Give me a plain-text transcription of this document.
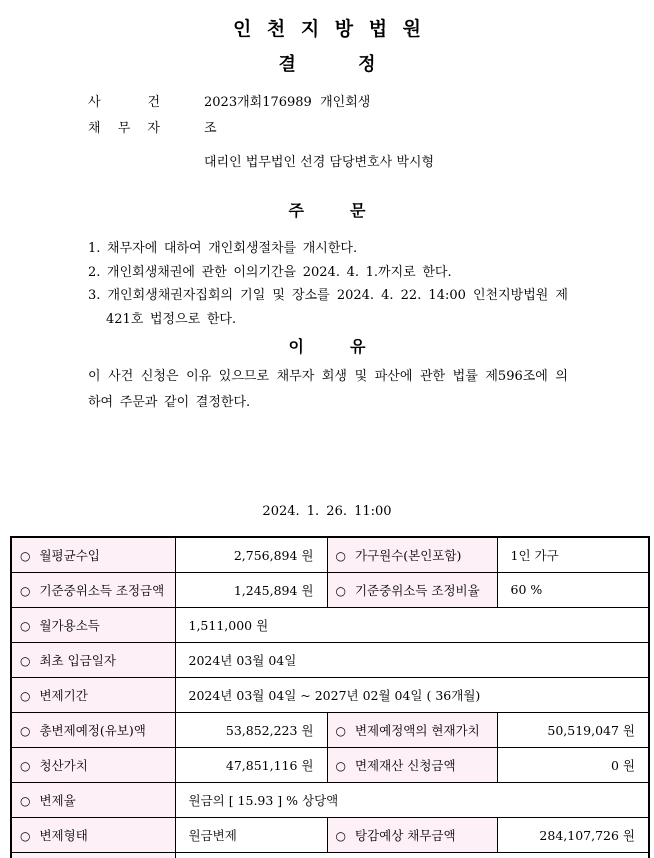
인 천 지 방 법 원
결 정
사 건	2023개회176989  개인회생
채 무 자	조
대리인 법무법인 선경 담당변호사 박시형
주 문
1. 채무자에 대하여 개인회생절차를 개시한다.
2. 개인회생채권에 관한 이의기간을 2024. 4. 1.까지로 한다.
3. 개인회생채권자집회의 기일 및 장소를 2024. 4. 22. 14:00 인천지방법원 제421호 법정으로 한다.
이 유
이 사건 신청은 이유 있으므로 채무자 회생 및 파산에 관한 법률 제596조에 의하여 주문과 같이 결정한다.
2024. 1. 26. 11:00
○ 월평균수입	2,756,894 원	○ 가구원수(본인포함)	1인 가구
○ 기준중위소득 조정금액	1,245,894 원	○ 기준중위소득 조정비율	60 %
○ 월가용소득	1,511,000 원		
○ 최초 입금일자	2024년 03월 04일		
○ 변제기간	2024년 03월 04일 ~ 2027년 02월 04일 ( 36개월)		
○ 총변제예정(유보)액	53,852,223 원	○ 변제예정액의 현재가치	50,519,047 원
○ 청산가치	47,851,116 원	○ 면제재산 신청금액	0 원
○ 변제율	원금의 [ 15.93 ] % 상당액		
○ 변제형태	원금변제	○ 탕감예상 채무금액	284,107,726 원
